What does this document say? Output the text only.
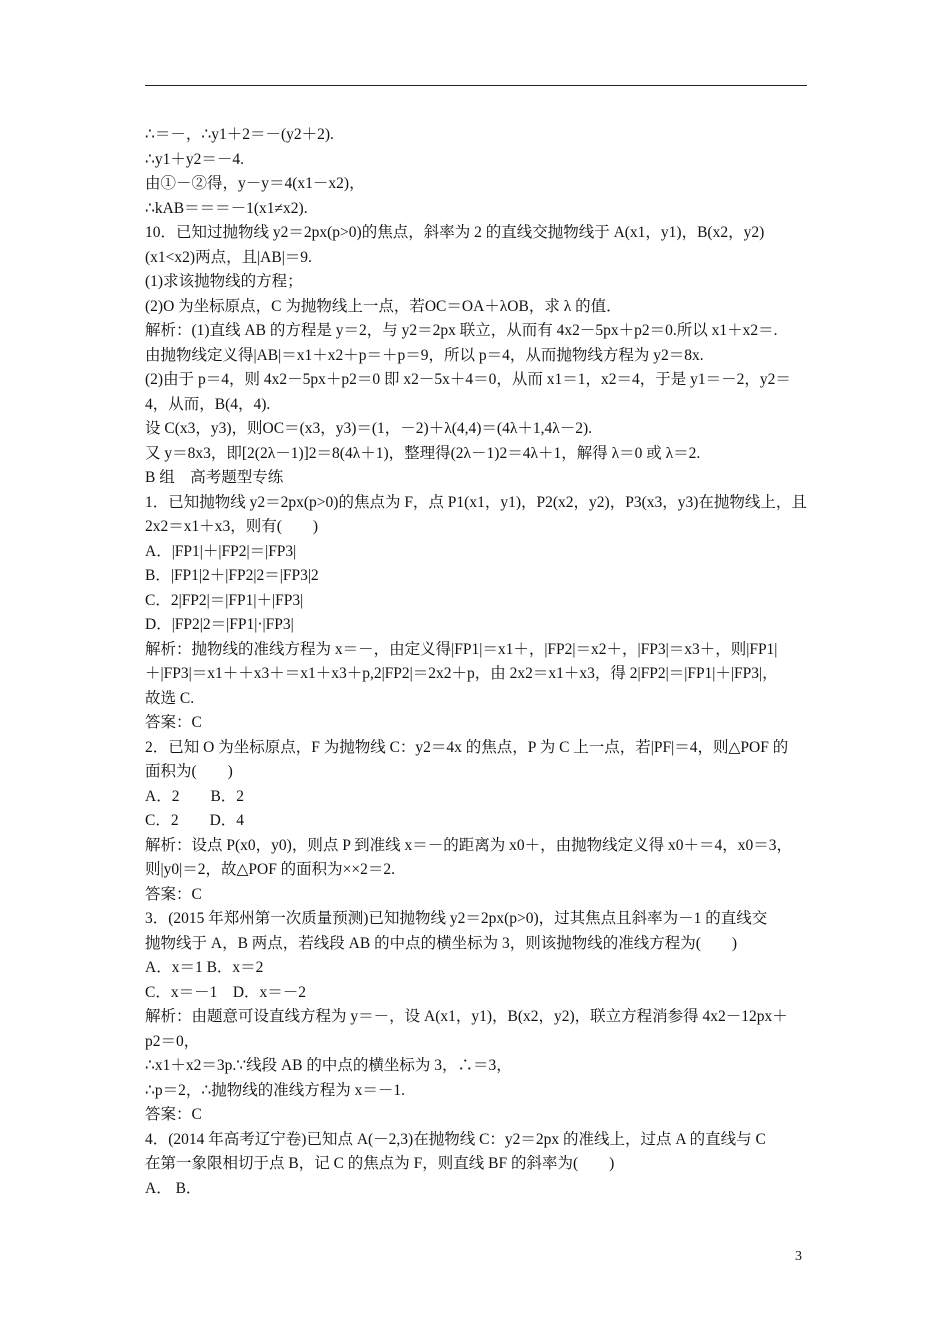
∴＝－，∴y1＋2＝－(y2＋2).
∴y1＋y2＝－4.
由①－②得，y－y＝4(x1－x2)，
∴kAB＝＝＝－1(x1≠x2).
10．已知过抛物线 y2＝2px(p>0)的焦点，斜率为 2 的直线交抛物线于 A(x1，y1)，B(x2，y2)
(x1<x2)两点，且|AB|＝9.
(1)求该抛物线的方程；
(2)O 为坐标原点，C 为抛物线上一点，若OC＝OA＋λOB，求 λ 的值．
解析：(1)直线 AB 的方程是 y＝2，与 y2＝2px 联立，从而有 4x2－5px＋p2＝0.所以 x1＋x2＝.
由抛物线定义得|AB|＝x1＋x2＋p＝＋p＝9，所以 p＝4，从而抛物线方程为 y2＝8x.
(2)由于 p＝4，则 4x2－5px＋p2＝0 即 x2－5x＋4＝0，从而 x1＝1，x2＝4，于是 y1＝－2，y2＝
4，从而，B(4，4).
设 C(x3，y3)，则OC＝(x3，y3)＝(1，－2)＋λ(4,4)＝(4λ＋1,4λ－2).
又 y＝8x3，即[2(2λ－1)]2＝8(4λ＋1)，整理得(2λ－1)2＝4λ＋1，解得 λ＝0 或 λ＝2.
B 组　高考题型专练
1．已知抛物线 y2＝2px(p>0)的焦点为 F，点 P1(x1，y1)，P2(x2，y2)，P3(x3，y3)在抛物线上，且
2x2＝x1＋x3，则有(　　)
A．|FP1|＋|FP2|＝|FP3|
B．|FP1|2＋|FP2|2＝|FP3|2
C．2|FP2|＝|FP1|＋|FP3|
D．|FP2|2＝|FP1|·|FP3|
解析：抛物线的准线方程为 x＝－，由定义得|FP1|＝x1＋，|FP2|＝x2＋，|FP3|＝x3＋，则|FP1|
＋|FP3|＝x1＋＋x3＋＝x1＋x3＋p,2|FP2|＝2x2＋p，由 2x2＝x1＋x3，得 2|FP2|＝|FP1|＋|FP3|，
故选 C.
答案：C
2．已知 O 为坐标原点，F 为抛物线 C：y2＝4x 的焦点，P 为 C 上一点，若|PF|＝4，则△POF 的
面积为(　　)
A．2　　B．2
C．2　　D．4
解析：设点 P(x0，y0)，则点 P 到准线 x＝－的距离为 x0＋，由抛物线定义得 x0＋＝4，x0＝3，
则|y0|＝2，故△POF 的面积为××2＝2.
答案：C
3．(2015 年郑州第一次质量预测)已知抛物线 y2＝2px(p>0)，过其焦点且斜率为－1 的直线交
抛物线于 A，B 两点，若线段 AB 的中点的横坐标为 3，则该抛物线的准线方程为(　　)
A．x＝1 B．x＝2
C．x＝－1　D．x＝－2
解析：由题意可设直线方程为 y＝－，设 A(x1，y1)，B(x2，y2)，联立方程消参得 4x2－12px＋
p2＝0，
∴x1＋x2＝3p.∵线段 AB 的中点的横坐标为 3，∴＝3，
∴p＝2，∴抛物线的准线方程为 x＝－1.
答案：C
4．(2014 年高考辽宁卷)已知点 A(－2,3)在抛物线 C：y2＝2px 的准线上，过点 A 的直线与 C
在第一象限相切于点 B，记 C 的焦点为 F，则直线 BF 的斜率为(　　)
A． B．
3
